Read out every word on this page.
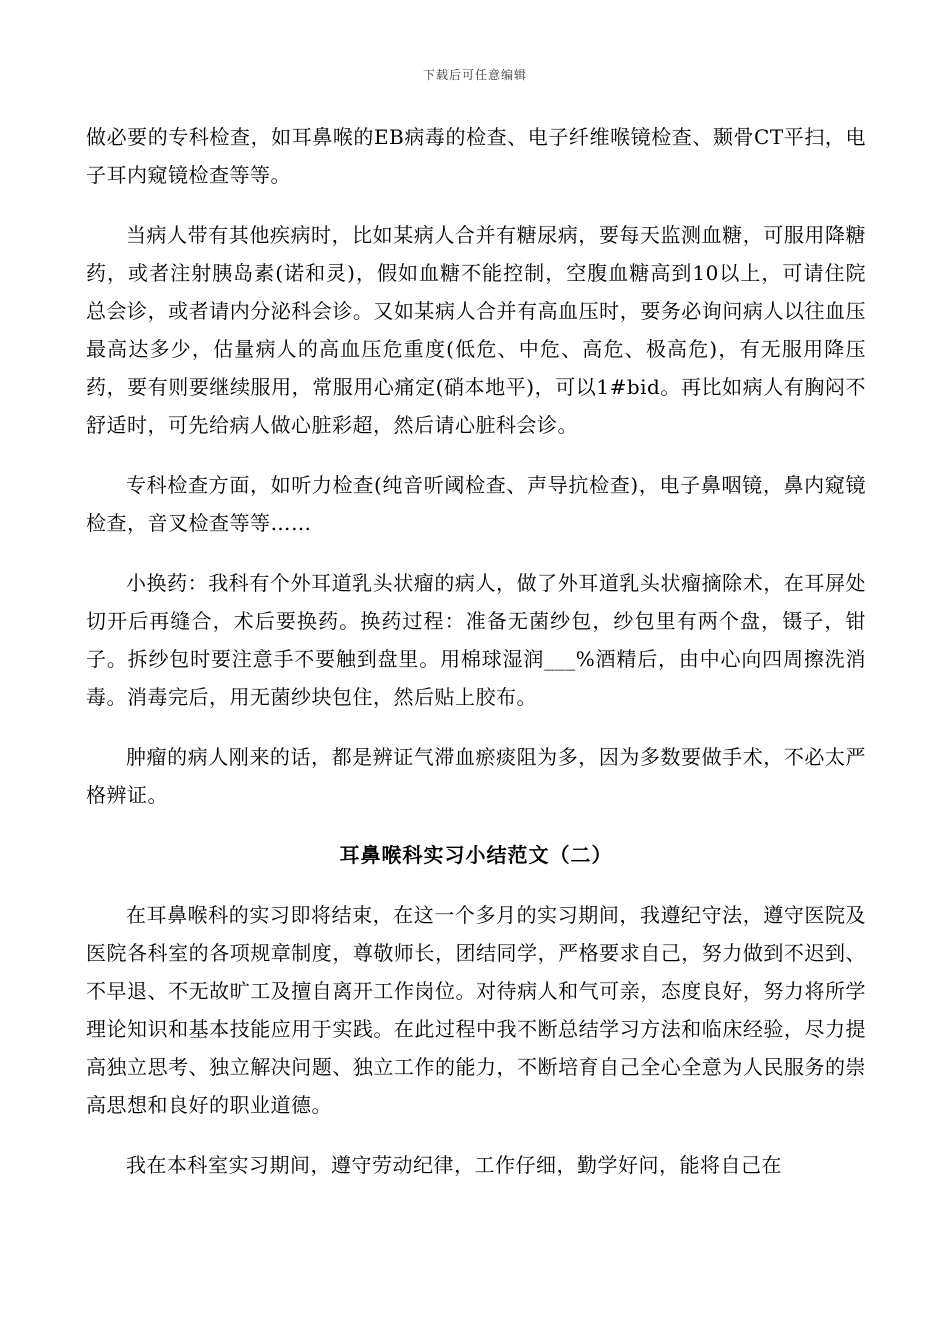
下载后可任意编辑

做必要的专科检查，如耳鼻喉的EB病毒的检查、电子纤维喉镜检查、颞骨CT平扫，电子耳内窥镜检查等等。

当病人带有其他疾病时，比如某病人合并有糖尿病，要每天监测血糖，可服用降糖药，或者注射胰岛素(诺和灵)，假如血糖不能控制，空腹血糖高到10以上，可请住院总会诊，或者请内分泌科会诊。又如某病人合并有高血压时，要务必询问病人以往血压最高达多少，估量病人的高血压危重度(低危、中危、高危、极高危)，有无服用降压药，要有则要继续服用，常服用心痛定(硝本地平)，可以1#bid。再比如病人有胸闷不舒适时，可先给病人做心脏彩超，然后请心脏科会诊。

专科检查方面，如听力检查(纯音听阈检查、声导抗检查)，电子鼻咽镜，鼻内窥镜检查，音叉检查等等……

小换药：我科有个外耳道乳头状瘤的病人，做了外耳道乳头状瘤摘除术，在耳屏处切开后再缝合，术后要换药。换药过程：准备无菌纱包，纱包里有两个盘，镊子，钳子。拆纱包时要注意手不要触到盘里。用棉球湿润___%酒精后，由中心向四周擦洗消毒。消毒完后，用无菌纱块包住，然后贴上胶布。

肿瘤的病人刚来的话，都是辨证气滞血瘀痰阻为多，因为多数要做手术，不必太严格辨证。

耳鼻喉科实习小结范文（二）

在耳鼻喉科的实习即将结束，在这一个多月的实习期间，我遵纪守法，遵守医院及医院各科室的各项规章制度，尊敬师长，团结同学，严格要求自己，努力做到不迟到、不早退、不无故旷工及擅自离开工作岗位。对待病人和气可亲，态度良好，努力将所学理论知识和基本技能应用于实践。在此过程中我不断总结学习方法和临床经验，尽力提高独立思考、独立解决问题、独立工作的能力，不断培育自己全心全意为人民服务的崇高思想和良好的职业道德。

我在本科室实习期间，遵守劳动纪律，工作仔细，勤学好问，能将自己在
